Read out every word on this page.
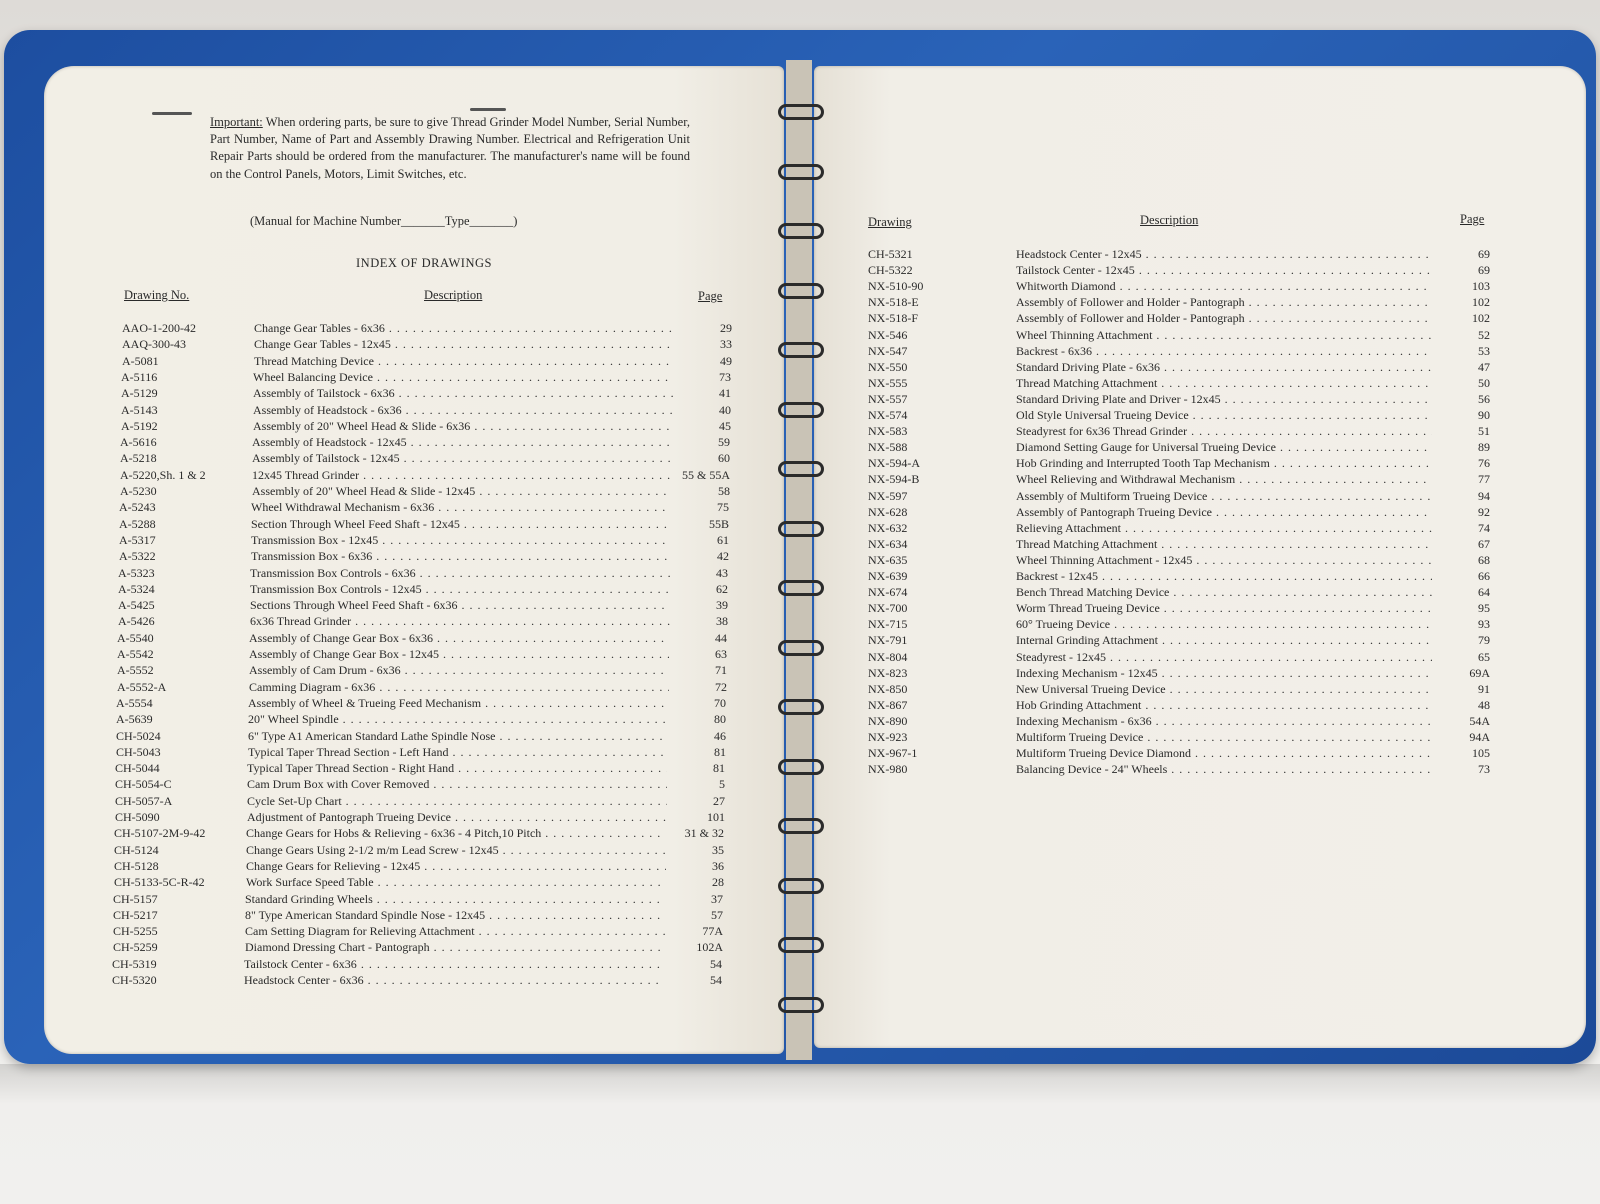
Important: When ordering parts, be sure to give Thread Grinder Model Number, Serial Number, Part Number, Name of Part and Assembly Drawing Number. Electrical and Refrigeration Unit Repair Parts should be ordered from the manufacturer. The manufacturer's name will be found on the Control Panels, Motors, Limit Switches, etc.
(Manual for Machine Number_______Type_______)
INDEX OF DRAWINGS
Drawing No.	Description	Page
AAO-1-200-42	Change Gear Tables - 6x36 . . .	29
AAQ-300-43	Change Gear Tables - 12x45 . . .	33
A-5081	Thread Matching Device . . .	49
A-5116	Wheel Balancing Device . . .	73
A-5129	Assembly of Tailstock - 6x36 . . .	41
A-5143	Assembly of Headstock - 6x36 . . .	40
A-5192	Assembly of 20" Wheel Head & Slide - 6x36 . . .	45
A-5616	Assembly of Headstock - 12x45 . . .	59
A-5218	Assembly of Tailstock - 12x45 . . .	60
A-5220,Sh. 1 & 2	12x45 Thread Grinder . . .	55 & 55A
A-5230	Assembly of 20" Wheel Head & Slide - 12x45 . . .	58
A-5243	Wheel Withdrawal Mechanism - 6x36 . . .	75
A-5288	Section Through Wheel Feed Shaft - 12x45 . . .	55B
A-5317	Transmission Box - 12x45 . . .	61
A-5322	Transmission Box - 6x36 . . .	42
A-5323	Transmission Box Controls - 6x36 . . .	43
A-5324	Transmission Box Controls - 12x45 . . .	62
A-5425	Sections Through Wheel Feed Shaft - 6x36 . . .	39
A-5426	6x36 Thread Grinder . . .	38
A-5540	Assembly of Change Gear Box - 6x36 . . .	44
A-5542	Assembly of Change Gear Box - 12x45 . . .	63
A-5552	Assembly of Cam Drum - 6x36 . . .	71
A-5552-A	Camming Diagram - 6x36 . . .	72
A-5554	Assembly of Wheel & Trueing Feed Mechanism . . .	70
A-5639	20" Wheel Spindle . . .	80
CH-5024	6" Type A1 American Standard Lathe Spindle Nose . . .	46
CH-5043	Typical Taper Thread Section - Left Hand . . .	81
CH-5044	Typical Taper Thread Section - Right Hand . . .	81
CH-5054-C	Cam Drum Box with Cover Removed . . .	5
CH-5057-A	Cycle Set-Up Chart . . .	27
CH-5090	Adjustment of Pantograph Trueing Device . . .	101
CH-5107-2M-9-42	Change Gears for Hobs & Relieving - 6x36 - 4 Pitch,10 Pitch . . .	31 & 32
CH-5124	Change Gears Using 2-1/2 m/m Lead Screw - 12x45 . . .	35
CH-5128	Change Gears for Relieving - 12x45 . . .	36
CH-5133-5C-R-42	Work Surface Speed Table . . .	28
CH-5157	Standard Grinding Wheels . . .	37
CH-5217	8" Type American Standard Spindle Nose - 12x45 . . .	57
CH-5255	Cam Setting Diagram for Relieving Attachment . . .	77A
CH-5259	Diamond Dressing Chart - Pantograph . . .	102A
CH-5319	Tailstock Center - 6x36 . . .	54
CH-5320	Headstock Center - 6x36 . . .	54
Drawing	Description	Page
CH-5321	Headstock Center - 12x45 . . .	69
CH-5322	Tailstock Center - 12x45 . . .	69
NX-510-90	Whitworth Diamond . . .	103
NX-518-E	Assembly of Follower and Holder - Pantograph . . .	102
NX-518-F	Assembly of Follower and Holder - Pantograph . . .	102
NX-546	Wheel Thinning Attachment . . .	52
NX-547	Backrest - 6x36 . . .	53
NX-550	Standard Driving Plate - 6x36 . . .	47
NX-555	Thread Matching Attachment . . .	50
NX-557	Standard Driving Plate and Driver - 12x45 . . .	56
NX-574	Old Style Universal Trueing Device . . .	90
NX-583	Steadyrest for 6x36 Thread Grinder . . .	51
NX-588	Diamond Setting Gauge for Universal Trueing Device . . .	89
NX-594-A	Hob Grinding and Interrupted Tooth Tap Mechanism . . .	76
NX-594-B	Wheel Relieving and Withdrawal Mechanism . . .	77
NX-597	Assembly of Multiform Trueing Device . . .	94
NX-628	Assembly of Pantograph Trueing Device . . .	92
NX-632	Relieving Attachment . . .	74
NX-634	Thread Matching Attachment . . .	67
NX-635	Wheel Thinning Attachment - 12x45 . . .	68
NX-639	Backrest - 12x45 . . .	66
NX-674	Bench Thread Matching Device . . .	64
NX-700	Worm Thread Trueing Device . . .	95
NX-715	60° Trueing Device . . .	93
NX-791	Internal Grinding Attachment . . .	79
NX-804	Steadyrest - 12x45 . . .	65
NX-823	Indexing Mechanism - 12x45 . . .	69A
NX-850	New Universal Trueing Device . . .	91
NX-867	Hob Grinding Attachment . . .	48
NX-890	Indexing Mechanism - 6x36 . . .	54A
NX-923	Multiform Trueing Device . . .	94A
NX-967-1	Multiform Trueing Device Diamond . . .	105
NX-980	Balancing Device - 24" Wheels . . .	73
